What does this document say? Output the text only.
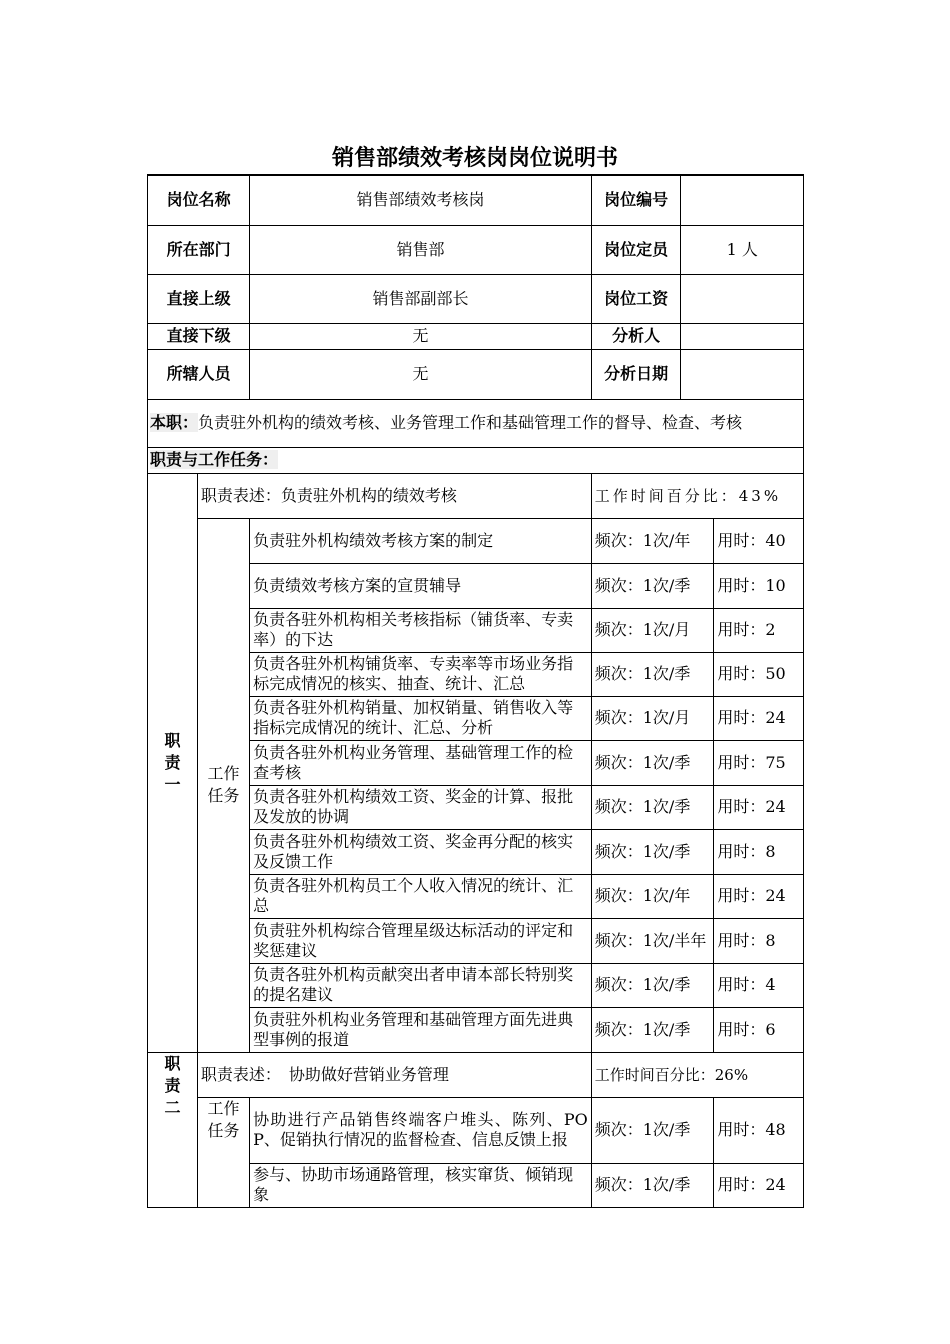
销售部绩效考核岗岗位说明书
岗位名称		销售部绩效考核岗	岗位编号		
所在部门		销售部	岗位定员	1 人	
直接上级		销售部副部长	岗位工资		
直接下级		无	分析人		
所辖人员		无	分析日期		
本职：负责驻外机构的绩效考核、业务管理工作和基础管理工作的督导、检查、考核					
职责与工作任务：					
职责一	职责表述：负责驻外机构的绩效考核		工作时间百分比：43%		
	工作任务	负责驻外机构绩效考核方案的制定	频次：1次/年		用时：40
		负责绩效考核方案的宣贯辅导	频次：1次/季		用时：10
		负责各驻外机构相关考核指标（铺货率、专卖率）的下达	频次：1次/月		用时：2
		负责各驻外机构铺货率、专卖率等市场业务指标完成情况的核实、抽查、统计、汇总	频次：1次/季		用时：50
		负责各驻外机构销量、加权销量、销售收入等指标完成情况的统计、汇总、分析	频次：1次/月		用时：24
		负责各驻外机构业务管理、基础管理工作的检查考核	频次：1次/季		用时：75
		负责各驻外机构绩效工资、奖金的计算、报批及发放的协调	频次：1次/季		用时：24
		负责各驻外机构绩效工资、奖金再分配的核实及反馈工作	频次：1次/季		用时：8
		负责各驻外机构员工个人收入情况的统计、汇总	频次：1次/年		用时：24
		负责驻外机构综合管理星级达标活动的评定和奖惩建议	频次：1次/半年		用时：8
		负责各驻外机构贡献突出者申请本部长特别奖的提名建议	频次：1次/季		用时：4
		负责驻外机构业务管理和基础管理方面先进典型事例的报道	频次：1次/季		用时：6
职责二	职责表述：　协助做好营销业务管理		工作时间百分比：26%		
	工作任务	协助进行产品销售终端客户堆头、陈列、POP、促销执行情况的监督检查、信息反馈上报	频次：1次/季		用时：48
		参与、协助市场通路管理，核实窜货、倾销现象	频次：1次/季		用时：24
